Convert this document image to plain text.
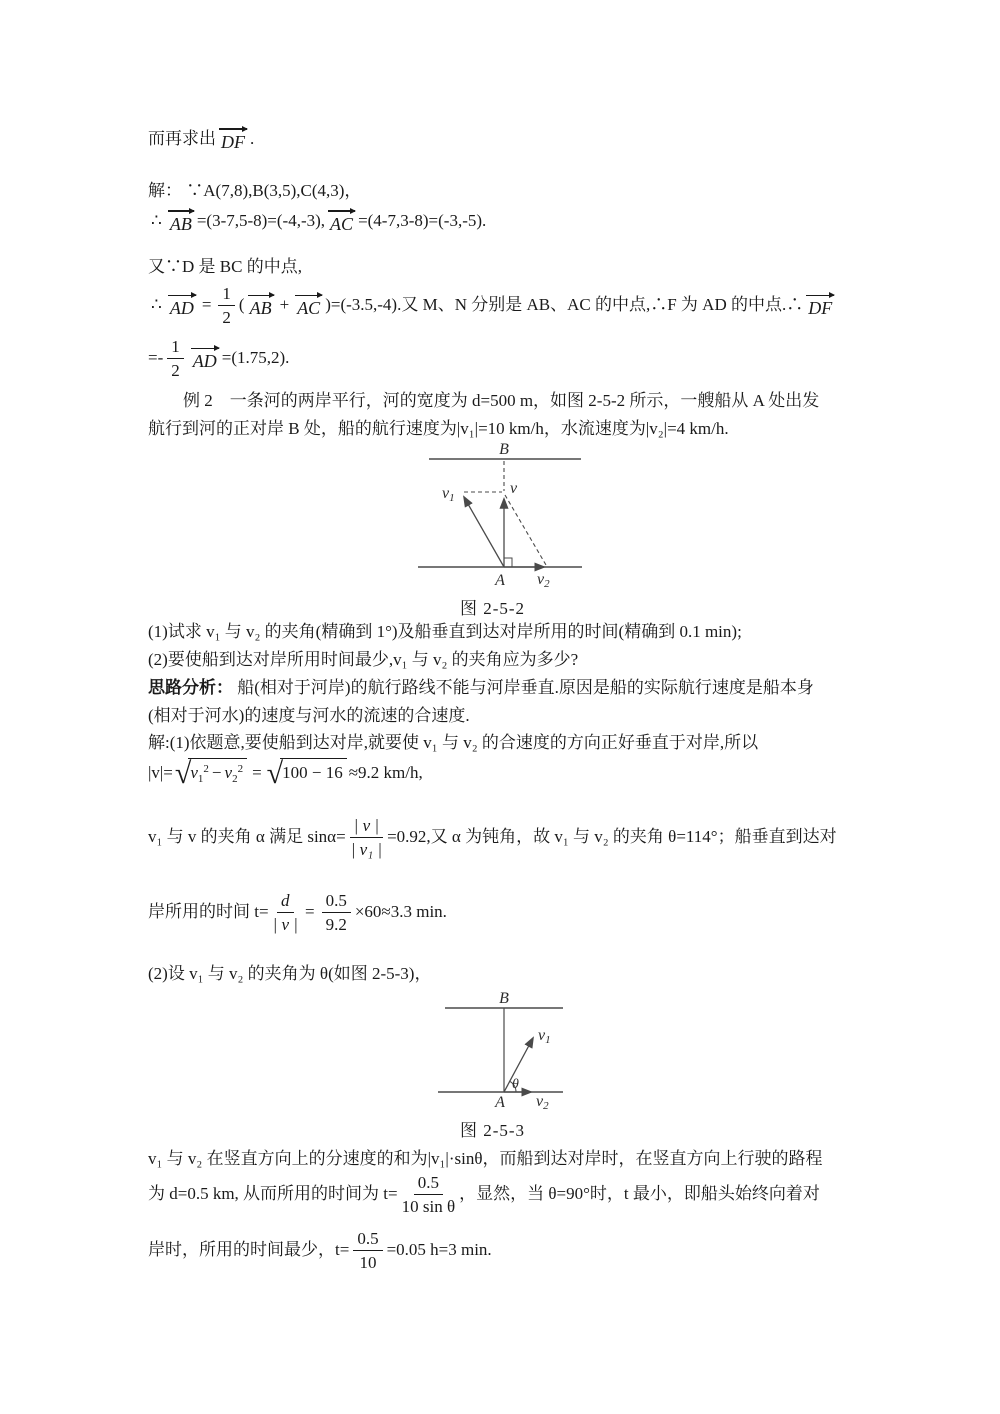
而再求出 DF .
解： ∵A(7,8),B(3,5),C(4,3)，
∴ AB =(3-7,5-8)=(-4,-3), AC =(4-7,3-8)=(-3,-5).
又∵D 是 BC 的中点,
∴ AD = $\frac{1}{2}$ ( AB + AC )=(-3.5,-4).又 M、N 分别是 AB、AC 的中点,∴F 为 AD 的中点.∴ DF
=- $\frac{1}{2}$ AD =(1.75,2).
例 2　一条河的两岸平行，河的宽度为 d=500 m，如图 2-5-2 所示，一艘船从 A 处出发
航行到河的正对岸 B 处，船的航行速度为|v₁|=10 km/h，水流速度为|v₂|=4 km/h.
B
v
v1
v2
A
图 2-5-2
(1)试求 v₁ 与 v₂ 的夹角(精确到 1°)及船垂直到达对岸所用的时间(精确到 0.1 min);
(2)要使船到达对岸所用时间最少,v₁ 与 v₂ 的夹角应为多少?
思路分析： 船(相对于河岸)的航行路线不能与河岸垂直.原因是船的实际航行速度是船本身
(相对于河水)的速度与河水的流速的合速度.
解:(1)依题意,要使船到达对岸,就要使 v₁ 与 v₂ 的合速度的方向正好垂直于对岸,所以
|v|= √ $v_1^2 - v_2^2$ = √ 100 − 16 ≈9.2 km/h,
v₁ 与 v 的夹角 α 满足 $\sin\alpha= \frac{| v |}{\text{| v₁ |}} =0.92$,又 α 为钝角，故 v₁ 与 v₂ 的夹角 θ=114°；船垂直到达对
岸所用的时间 $t= \frac{d}{| v |} = \frac{0.5}{9.2} \times 60\approx 3.3$ min.
(2)设 v₁ 与 v₂ 的夹角为 θ(如图 2-5-3)，
B
θ
v1
v2
A
图 2-5-3
v₁ 与 v₂ 在竖直方向上的分速度的和为|v₁|·sinθ，而船到达对岸时，在竖直方向上行驶的路程
为 d=0.5 km, 从而所用的时间为 $t= \frac{0.5}{\text{10 sin θ}}$ ，显然，当 θ=90°时，t 最小，即船头始终向着对
岸时，所用的时间最少，$t= \frac{0.5}{10} =0.05$ h=3 min.
